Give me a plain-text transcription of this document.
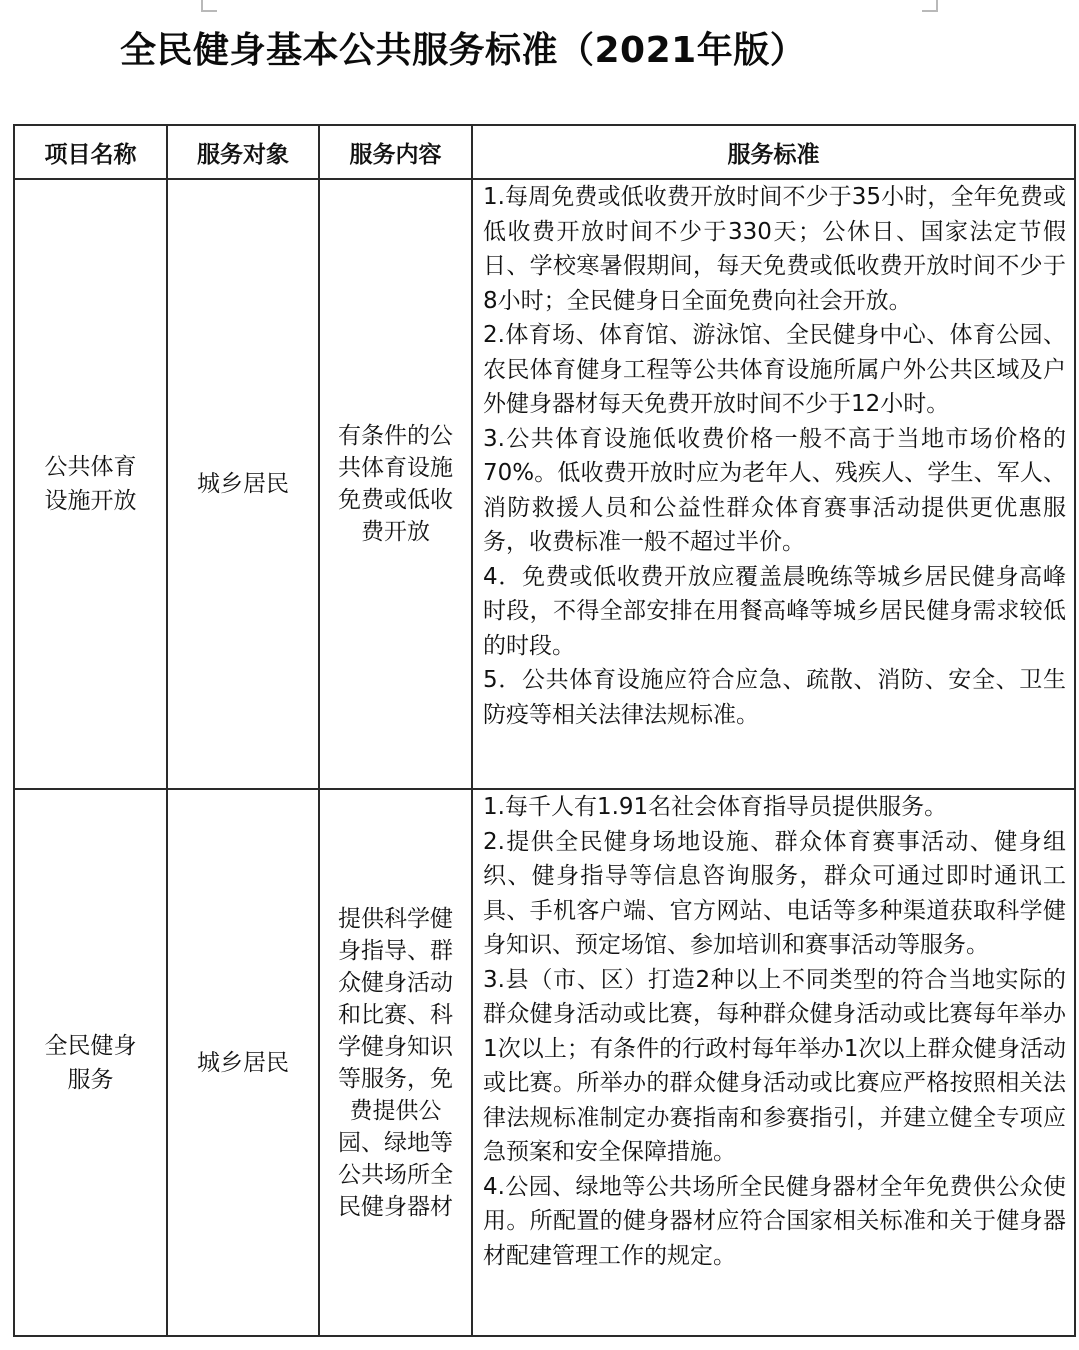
全民健身基本公共服务标准（2021年版）
项目名称	服务对象	服务内容	服务标准

公共体育设施开放	城乡居民	有条件的公共体育设施免费或低收费开放	1.每周免费或低收费开放时间不少于35小时，全年免费或低收费开放时间不少于330天；公休日、国家法定节假日、学校寒暑假期间，每天免费或低收费开放时间不少于8小时；全民健身日全面免费向社会开放。

2.体育场、体育馆、游泳馆、全民健身中心、体育公园、农民体育健身工程等公共体育设施所属户外公共区域及户外健身器材每天免费开放时间不少于12小时。

3.公共体育设施低收费价格一般不高于当地市场价格的70%。低收费开放时应为老年人、残疾人、学生、军人、消防救援人员和公益性群众体育赛事活动提供更优惠服务，收费标准一般不超过半价。

4．免费或低收费开放应覆盖晨晚练等城乡居民健身高峰时段，不得全部安排在用餐高峰等城乡居民健身需求较低的时段。

5．公共体育设施应符合应急、疏散、消防、安全、卫生防疫等相关法律法规标准。

全民健身服务	城乡居民	提供科学健身指导、群众健身活动和比赛、科学健身知识等服务，免费提供公园、绿地等公共场所全民健身器材	1.每千人有1.91名社会体育指导员提供服务。

2.提供全民健身场地设施、群众体育赛事活动、健身组织、健身指导等信息咨询服务，群众可通过即时通讯工具、手机客户端、官方网站、电话等多种渠道获取科学健身知识、预定场馆、参加培训和赛事活动等服务。

3.县（市、区）打造2种以上不同类型的符合当地实际的群众健身活动或比赛，每种群众健身活动或比赛每年举办1次以上；有条件的行政村每年举办1次以上群众健身活动或比赛。所举办的群众健身活动或比赛应严格按照相关法律法规标准制定办赛指南和参赛指引，并建立健全专项应急预案和安全保障措施。

4.公园、绿地等公共场所全民健身器材全年免费供公众使用。所配置的健身器材应符合国家相关标准和关于健身器材配建管理工作的规定。
